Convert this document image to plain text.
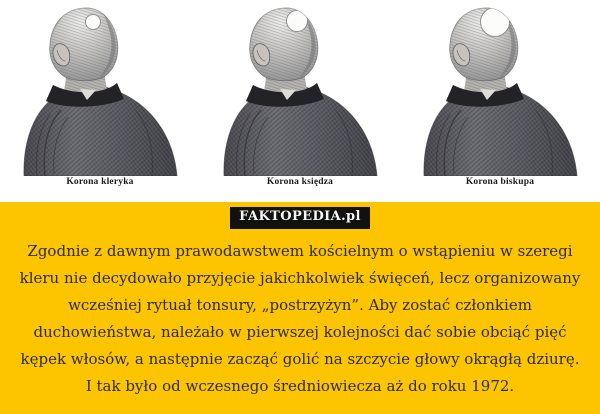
Korona kleryka	Korona księdza	Korona biskupa
FAKTOPEDIA.pl
Zgodnie z dawnym prawodawstwem kościelnym o wstąpieniu w szeregi
kleru nie decydowało przyjęcie jakichkolwiek święceń, lecz organizowany
wcześniej rytuał tonsury, „postrzyżyn”. Aby zostać członkiem
duchowieństwa, należało w pierwszej kolejności dać sobie obciąć pięć
kępek włosów, a następnie zacząć golić na szczycie głowy okrągłą dziurę.
I tak było od wczesnego średniowiecza aż do roku 1972.
